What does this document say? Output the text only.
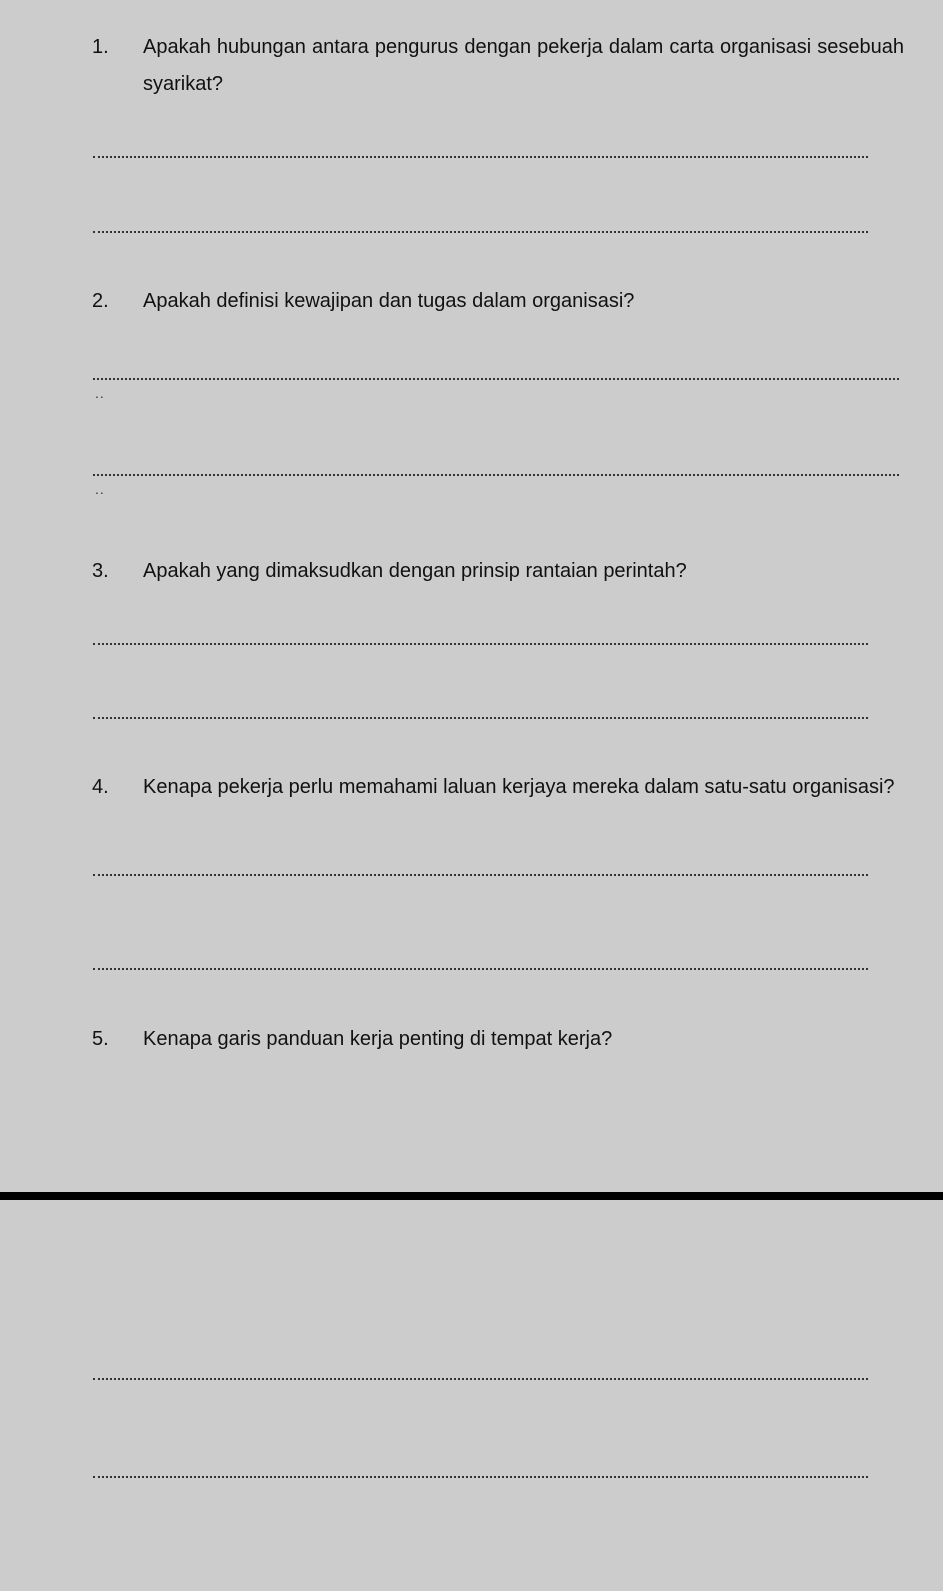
1. Apakah hubungan antara pengurus dengan pekerja dalam carta organisasi sesebuah syarikat?
2. Apakah definisi kewajipan dan tugas dalam organisasi?
..
..
3. Apakah yang dimaksudkan dengan prinsip rantaian perintah?
4. Kenapa pekerja perlu memahami laluan kerjaya mereka dalam satu-satu organisasi?
5. Kenapa garis panduan kerja penting di tempat kerja?
